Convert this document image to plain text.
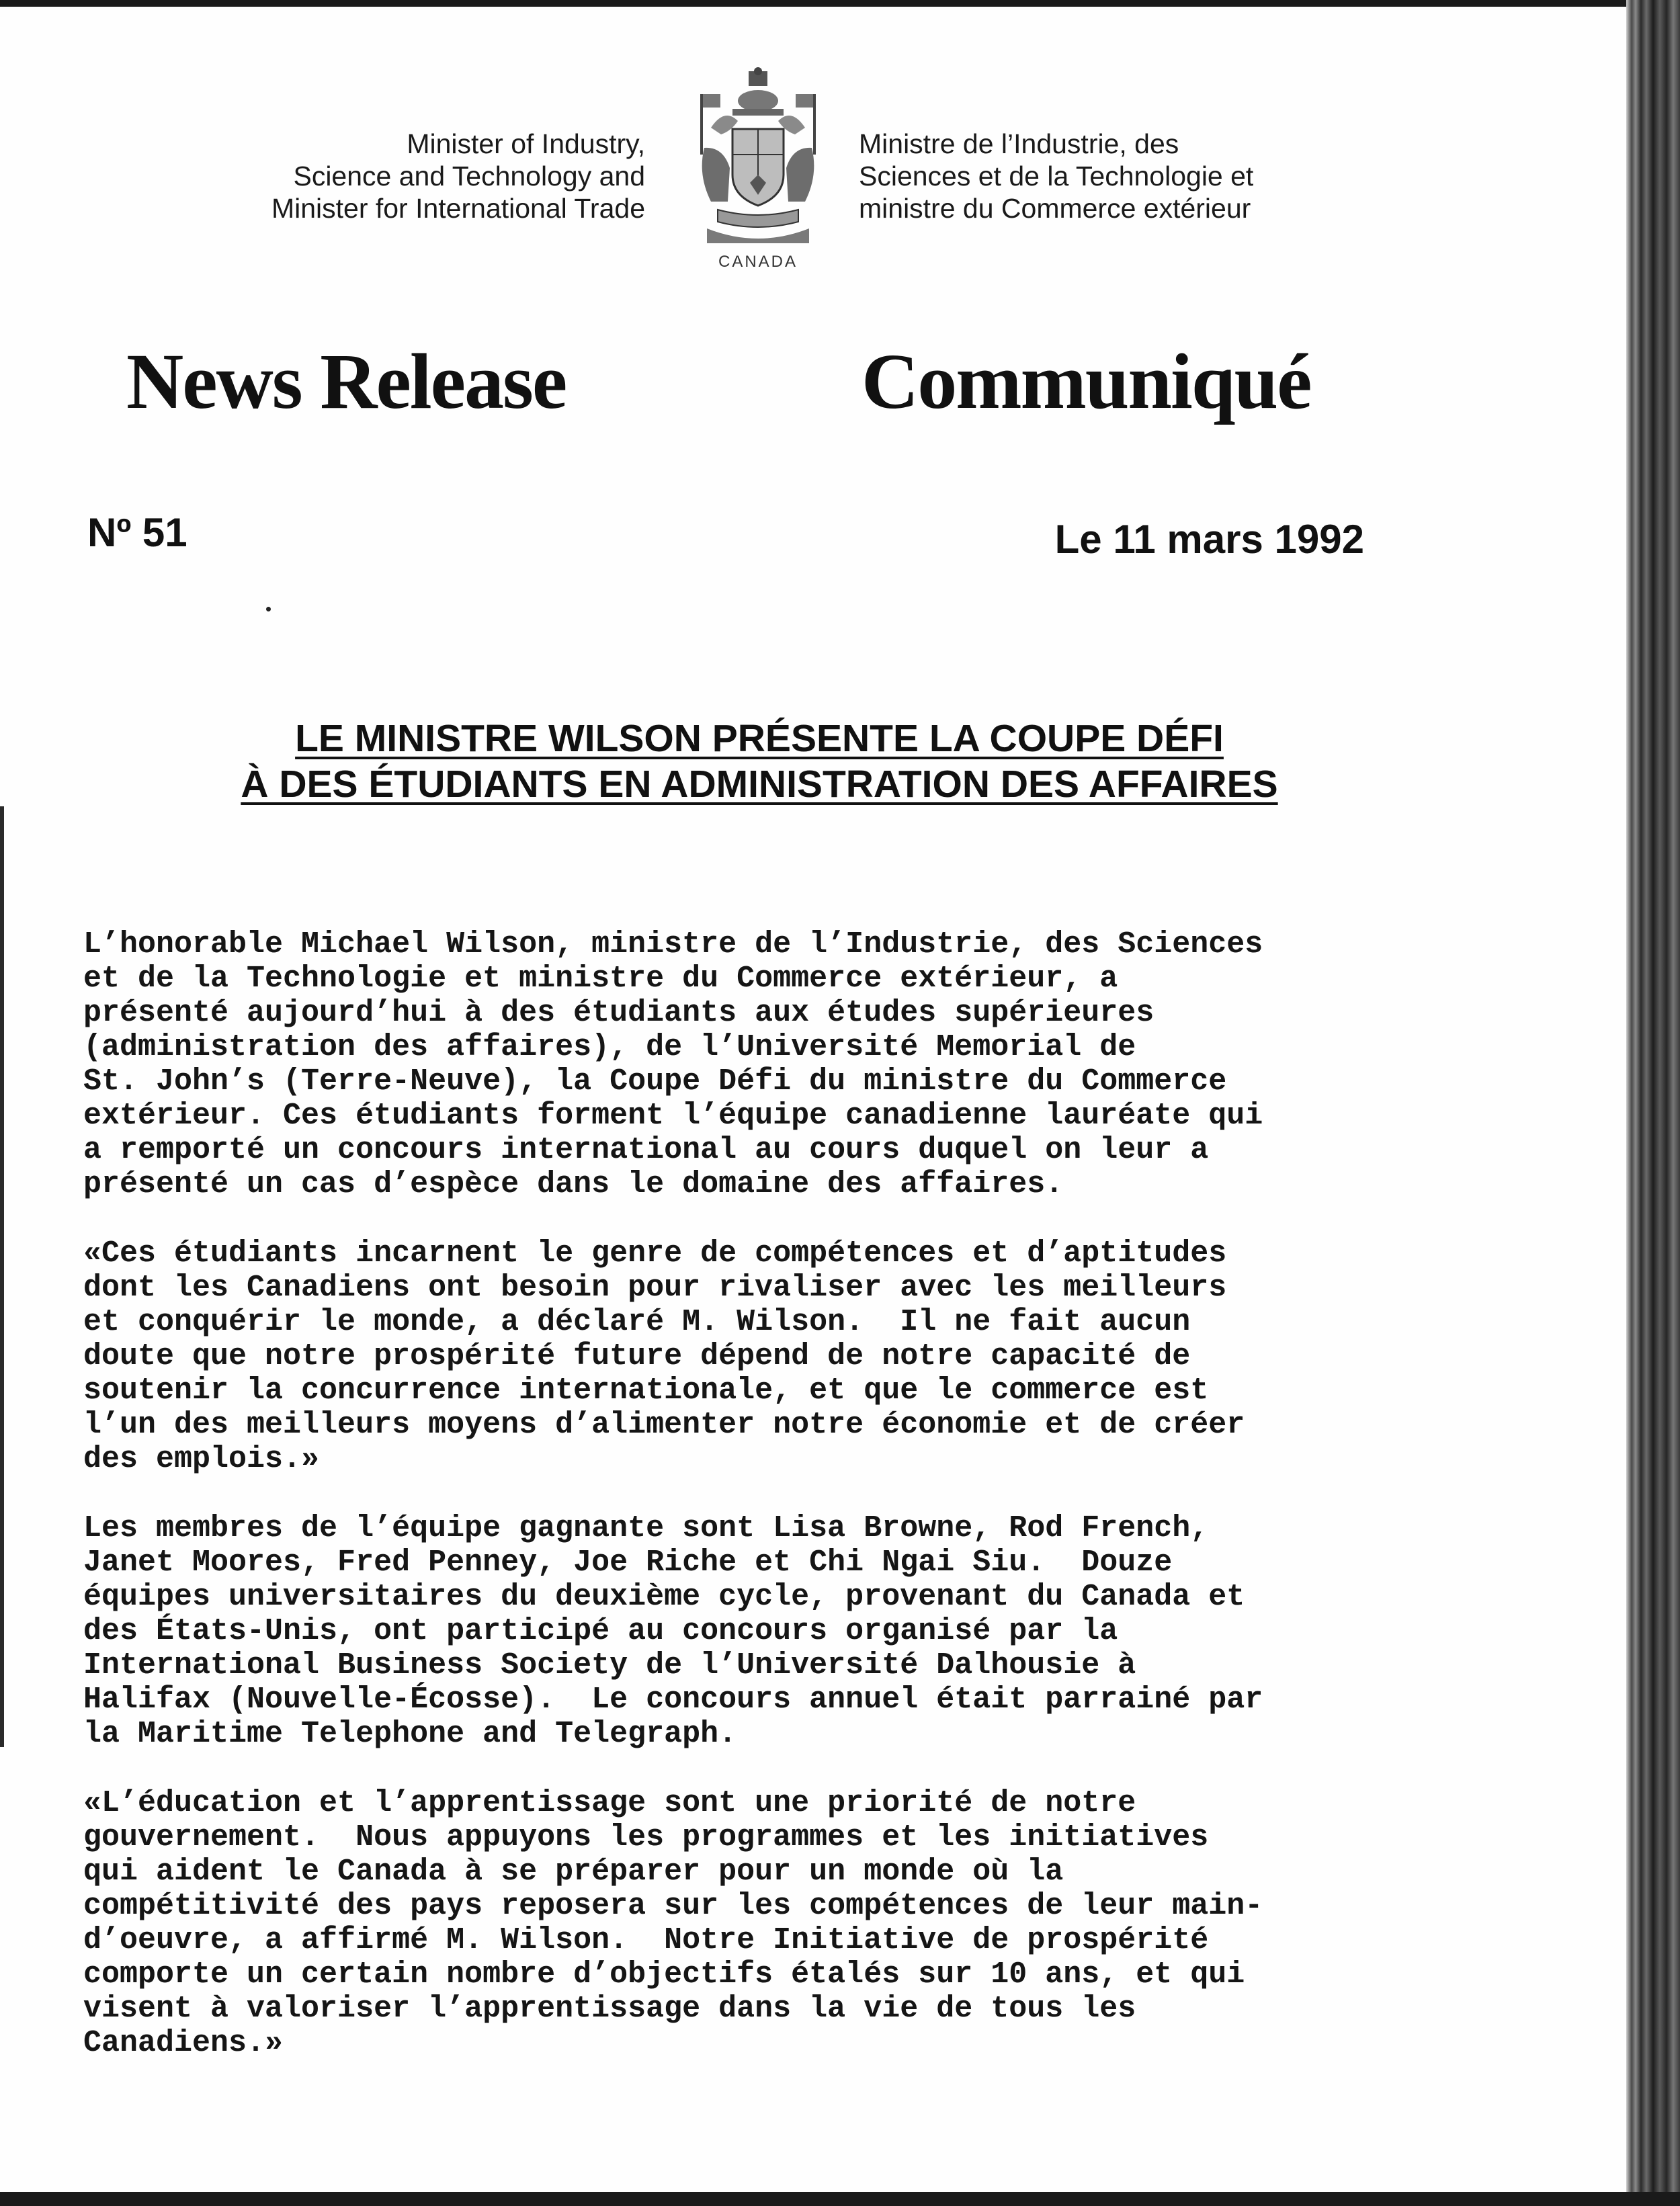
Minister of Industry,
Science and Technology and
Minister for International Trade
CANADA
Ministre de l’Industrie, des
Sciences et de la Technologie et
ministre du Commerce extérieur
News Release	Communiqué
Nº 51	Le 11 mars 1992
LE MINISTRE WILSON PRÉSENTE LA COUPE DÉFI
À DES ÉTUDIANTS EN ADMINISTRATION DES AFFAIRES
L’honorable Michael Wilson, ministre de l’Industrie, des Sciences
et de la Technologie et ministre du Commerce extérieur, a
présenté aujourd’hui à des étudiants aux études supérieures
(administration des affaires), de l’Université Memorial de
St. John’s (Terre-Neuve), la Coupe Défi du ministre du Commerce
extérieur. Ces étudiants forment l’équipe canadienne lauréate qui
a remporté un concours international au cours duquel on leur a
présenté un cas d’espèce dans le domaine des affaires.
«Ces étudiants incarnent le genre de compétences et d’aptitudes
dont les Canadiens ont besoin pour rivaliser avec les meilleurs
et conquérir le monde, a déclaré M. Wilson.  Il ne fait aucun
doute que notre prospérité future dépend de notre capacité de
soutenir la concurrence internationale, et que le commerce est
l’un des meilleurs moyens d’alimenter notre économie et de créer
des emplois.»
Les membres de l’équipe gagnante sont Lisa Browne, Rod French,
Janet Moores, Fred Penney, Joe Riche et Chi Ngai Siu.  Douze
équipes universitaires du deuxième cycle, provenant du Canada et
des États-Unis, ont participé au concours organisé par la
International Business Society de l’Université Dalhousie à
Halifax (Nouvelle-Écosse).  Le concours annuel était parrainé par
la Maritime Telephone and Telegraph.
«L’éducation et l’apprentissage sont une priorité de notre
gouvernement.  Nous appuyons les programmes et les initiatives
qui aident le Canada à se préparer pour un monde où la
compétitivité des pays reposera sur les compétences de leur main-
d’oeuvre, a affirmé M. Wilson.  Notre Initiative de prospérité
comporte un certain nombre d’objectifs étalés sur 10 ans, et qui
visent à valoriser l’apprentissage dans la vie de tous les
Canadiens.»
